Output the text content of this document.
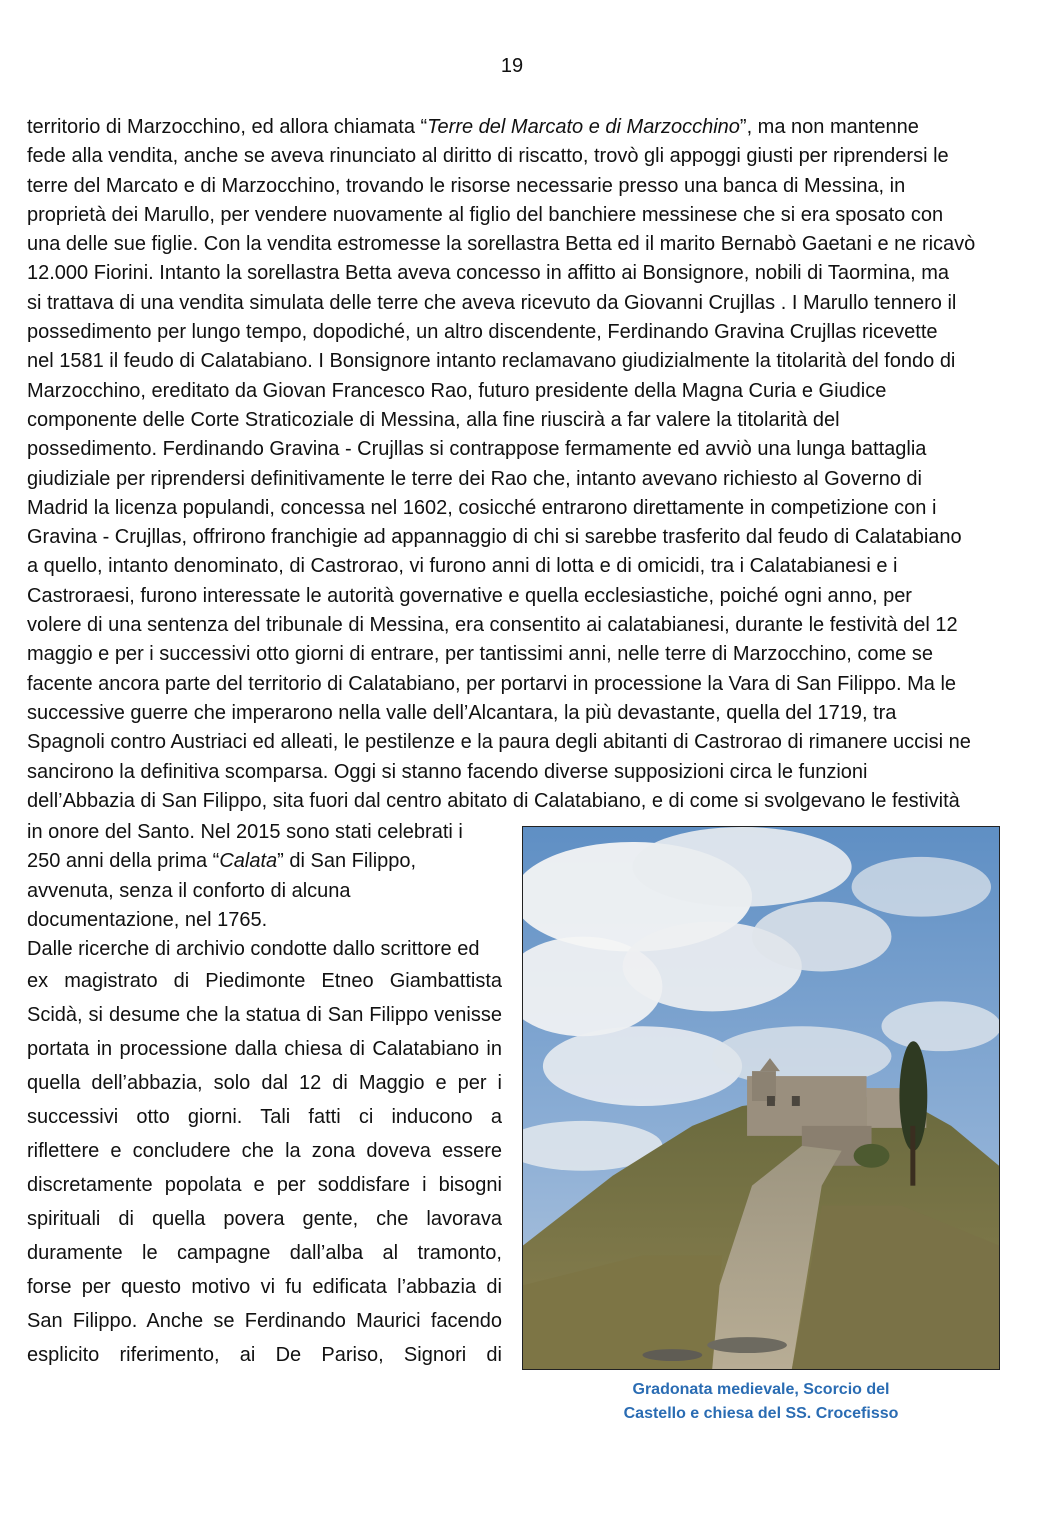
19
territorio di Marzocchino, ed allora chiamata “Terre del Marcato e di Marzocchino”, ma non mantenne
fede alla vendita, anche se aveva rinunciato al diritto di riscatto, trovò gli appoggi giusti per riprendersi le
terre del Marcato e di Marzocchino, trovando le risorse necessarie presso una banca di Messina, in
proprietà dei Marullo, per vendere nuovamente al figlio del banchiere messinese che si era sposato con
una delle sue figlie. Con la vendita estromesse la sorellastra Betta ed il marito Bernabò Gaetani e ne ricavò
12.000 Fiorini. Intanto la sorellastra Betta aveva concesso in affitto ai Bonsignore, nobili di Taormina, ma
si trattava di una vendita simulata delle terre che aveva ricevuto da Giovanni Crujllas . I Marullo tennero il
possedimento per lungo tempo, dopodiché, un altro discendente, Ferdinando Gravina Crujllas ricevette
nel 1581 il feudo di Calatabiano. I Bonsignore intanto reclamavano giudizialmente la titolarità del fondo di
Marzocchino, ereditato da Giovan Francesco Rao, futuro presidente della Magna Curia e Giudice
componente delle Corte Straticoziale di Messina, alla fine riuscirà a far valere la titolarità del
possedimento. Ferdinando Gravina - Crujllas si contrappose fermamente ed avviò una lunga battaglia
giudiziale per riprendersi definitivamente le terre dei Rao che, intanto avevano richiesto al Governo di
Madrid la licenza populandi, concessa nel 1602, cosicché entrarono direttamente in competizione con i
Gravina - Crujllas, offrirono franchigie ad appannaggio di chi si sarebbe trasferito dal feudo di Calatabiano
a quello, intanto denominato, di Castrorao, vi furono anni di lotta e di omicidi, tra i Calatabianesi e i
Castroraesi, furono interessate le autorità governative e quella ecclesiastiche, poiché ogni anno, per
volere di una sentenza del tribunale di Messina, era consentito ai calatabianesi, durante le festività del 12
maggio e per i successivi otto giorni di entrare, per tantissimi anni, nelle terre di Marzocchino, come se
facente ancora parte del territorio di Calatabiano, per portarvi in processione la Vara di San Filippo. Ma le
successive guerre che imperarono nella valle dell’Alcantara, la più devastante, quella del 1719, tra
Spagnoli contro Austriaci ed alleati, le pestilenze e la paura degli abitanti di Castrorao di rimanere uccisi ne
sancirono la definitiva scomparsa. Oggi si stanno facendo diverse supposizioni circa le funzioni
dell’Abbazia di San Filippo, sita fuori dal centro abitato di Calatabiano, e di come si svolgevano le festività
in onore del Santo. Nel 2015 sono stati celebrati i
250 anni della prima “Calata” di San Filippo,
avvenuta, senza il conforto di alcuna
documentazione, nel 1765.
Dalle ricerche di archivio condotte dallo scrittore ed
ex magistrato di Piedimonte Etneo Giambattista
Scidà, si desume che la statua di San Filippo venisse
portata in processione dalla chiesa di Calatabiano in
quella dell’abbazia, solo dal 12 di Maggio e per i
successivi otto giorni. Tali fatti ci inducono a
riflettere e concludere che la zona doveva essere
discretamente popolata e per soddisfare i bisogni
spirituali di quella povera gente, che lavorava
duramente le campagne dall’alba al tramonto,
forse per questo motivo vi fu edificata l’abbazia di
San Filippo. Anche se Ferdinando Maurici facendo
esplicito riferimento, ai De Pariso, Signori di
Gradonata medievale, Scorcio del
Castello e chiesa del SS. Crocefisso
